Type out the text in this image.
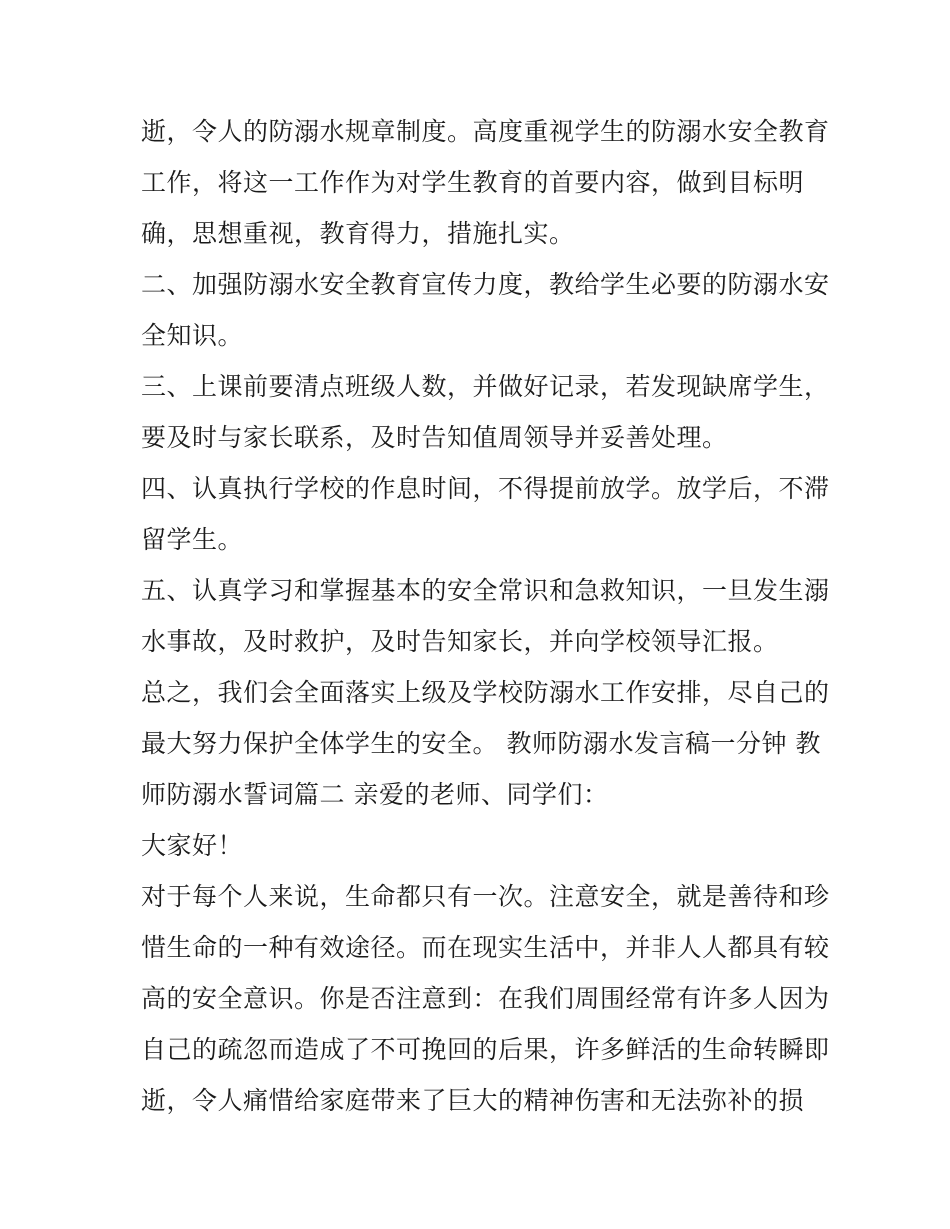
逝，令人的防溺水规章制度。高度重视学生的防溺水安全教育
工作，将这一工作作为对学生教育的首要内容，做到目标明
确，思想重视，教育得力，措施扎实。
二、加强防溺水安全教育宣传力度，教给学生必要的防溺水安
全知识。
三、上课前要清点班级人数，并做好记录，若发现缺席学生，
要及时与家长联系，及时告知值周领导并妥善处理。
四、认真执行学校的作息时间，不得提前放学。放学后，不滞
留学生。
五、认真学习和掌握基本的安全常识和急救知识，一旦发生溺
水事故，及时救护，及时告知家长，并向学校领导汇报。
总之，我们会全面落实上级及学校防溺水工作安排，尽自己的
最大努力保护全体学生的安全。 教师防溺水发言稿一分钟 教
师防溺水誓词篇二 亲爱的老师、同学们：
大家好！
对于每个人来说，生命都只有一次。注意安全，就是善待和珍
惜生命的一种有效途径。而在现实生活中，并非人人都具有较
高的安全意识。你是否注意到：在我们周围经常有许多人因为
自己的疏忽而造成了不可挽回的后果，许多鲜活的生命转瞬即
逝，令人痛惜给家庭带来了巨大的精神伤害和无法弥补的损
